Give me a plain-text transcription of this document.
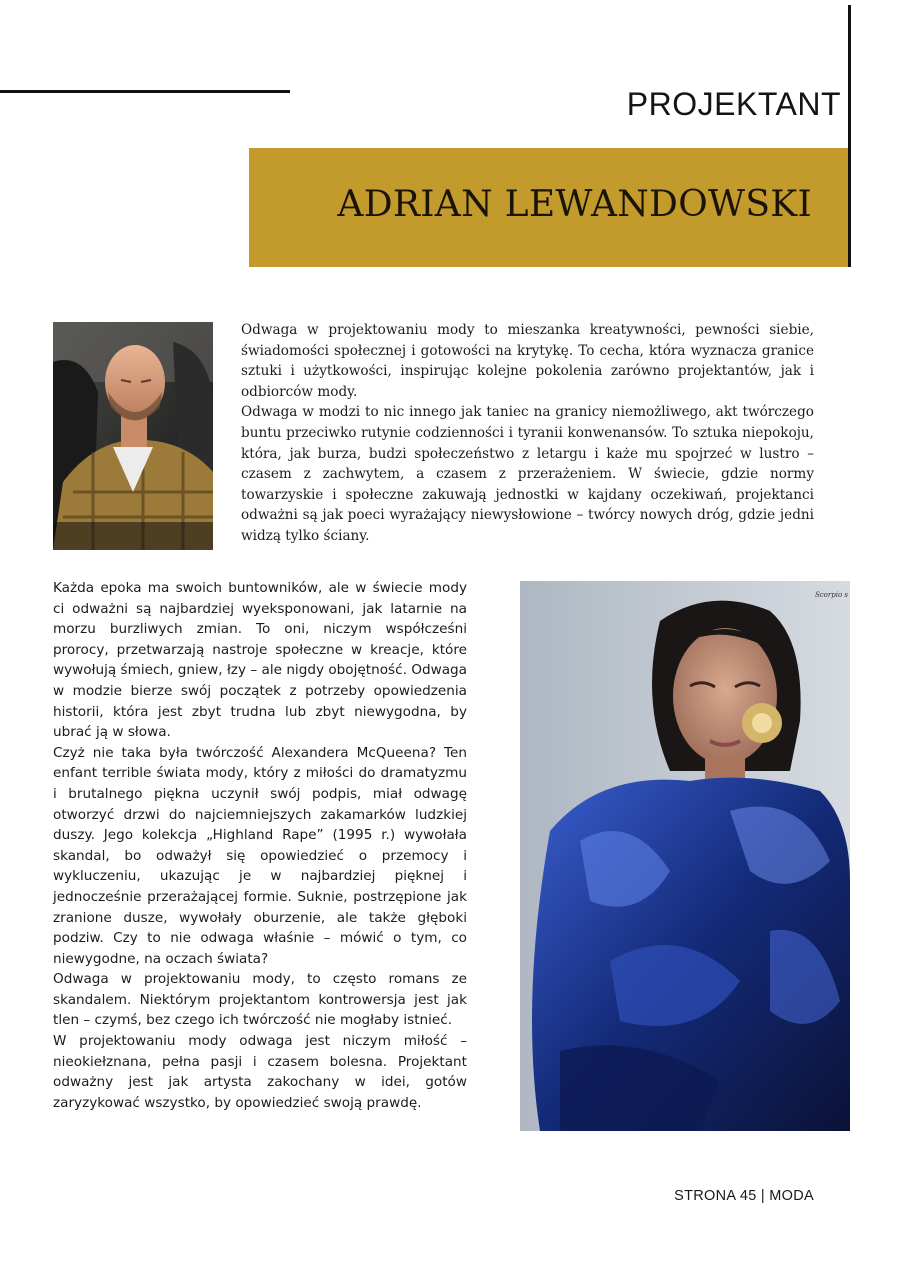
PROJEKTANT
ADRIAN LEWANDOWSKI

Odwaga w projektowaniu mody to mieszanka kreatywności, pewności siebie, świadomości społecznej i gotowości na krytykę. To cecha, która wyznacza granice sztuki i użytkowości, inspirując kolejne pokolenia zarówno projektantów, jak i odbiorców mody.

Odwaga w modzi to nic innego jak taniec na granicy niemożliwego, akt twórczego buntu przeciwko rutynie codzienności i tyranii konwenansów. To sztuka niepokoju, która, jak burza, budzi społeczeństwo z letargu i każe mu spojrzeć w lustro – czasem z zachwytem, a czasem z przerażeniem. W świecie, gdzie normy towarzyskie i społeczne zakuwają jednostki w kajdany oczekiwań, projektanci odważni są jak poeci wyrażający niewysłowione – twórcy nowych dróg, gdzie jedni widzą tylko ściany.

Każda epoka ma swoich buntowników, ale w świecie mody ci odważni są najbardziej wyeksponowani, jak latarnie na morzu burzliwych zmian. To oni, niczym współcześni prorocy, przetwarzają nastroje społeczne w kreacje, które wywołują śmiech, gniew, łzy – ale nigdy obojętność. Odwaga w modzie bierze swój początek z potrzeby opowiedzenia historii, która jest zbyt trudna lub zbyt niewygodna, by ubrać ją w słowa.

Czyż nie taka była twórczość Alexandera McQueena? Ten enfant terrible świata mody, który z miłości do dramatyzmu i brutalnego piękna uczynił swój podpis, miał odwagę otworzyć drzwi do najciemniejszych zakamarków ludzkiej duszy. Jego kolekcja „Highland Rape” (1995 r.) wywołała skandal, bo odważył się opowiedzieć o przemocy i wykluczeniu, ukazując je w najbardziej pięknej i jednocześnie przerażającej formie. Suknie, postrzępione jak zranione dusze, wywołały oburzenie, ale także głęboki podziw. Czy to nie odwaga właśnie – mówić o tym, co niewygodne, na oczach świata?

Odwaga w projektowaniu mody, to często romans ze skandalem. Niektórym projektantom kontrowersja jest jak tlen – czymś, bez czego ich twórczość nie mogłaby istnieć.

W projektowaniu mody odwaga jest niczym miłość – nieokiełznana, pełna pasji i czasem bolesna. Projektant odważny jest jak artysta zakochany w idei, gotów zaryzykować wszystko, by opowiedzieć swoją prawdę.

Scorpio s
STRONA 45 | MODA
